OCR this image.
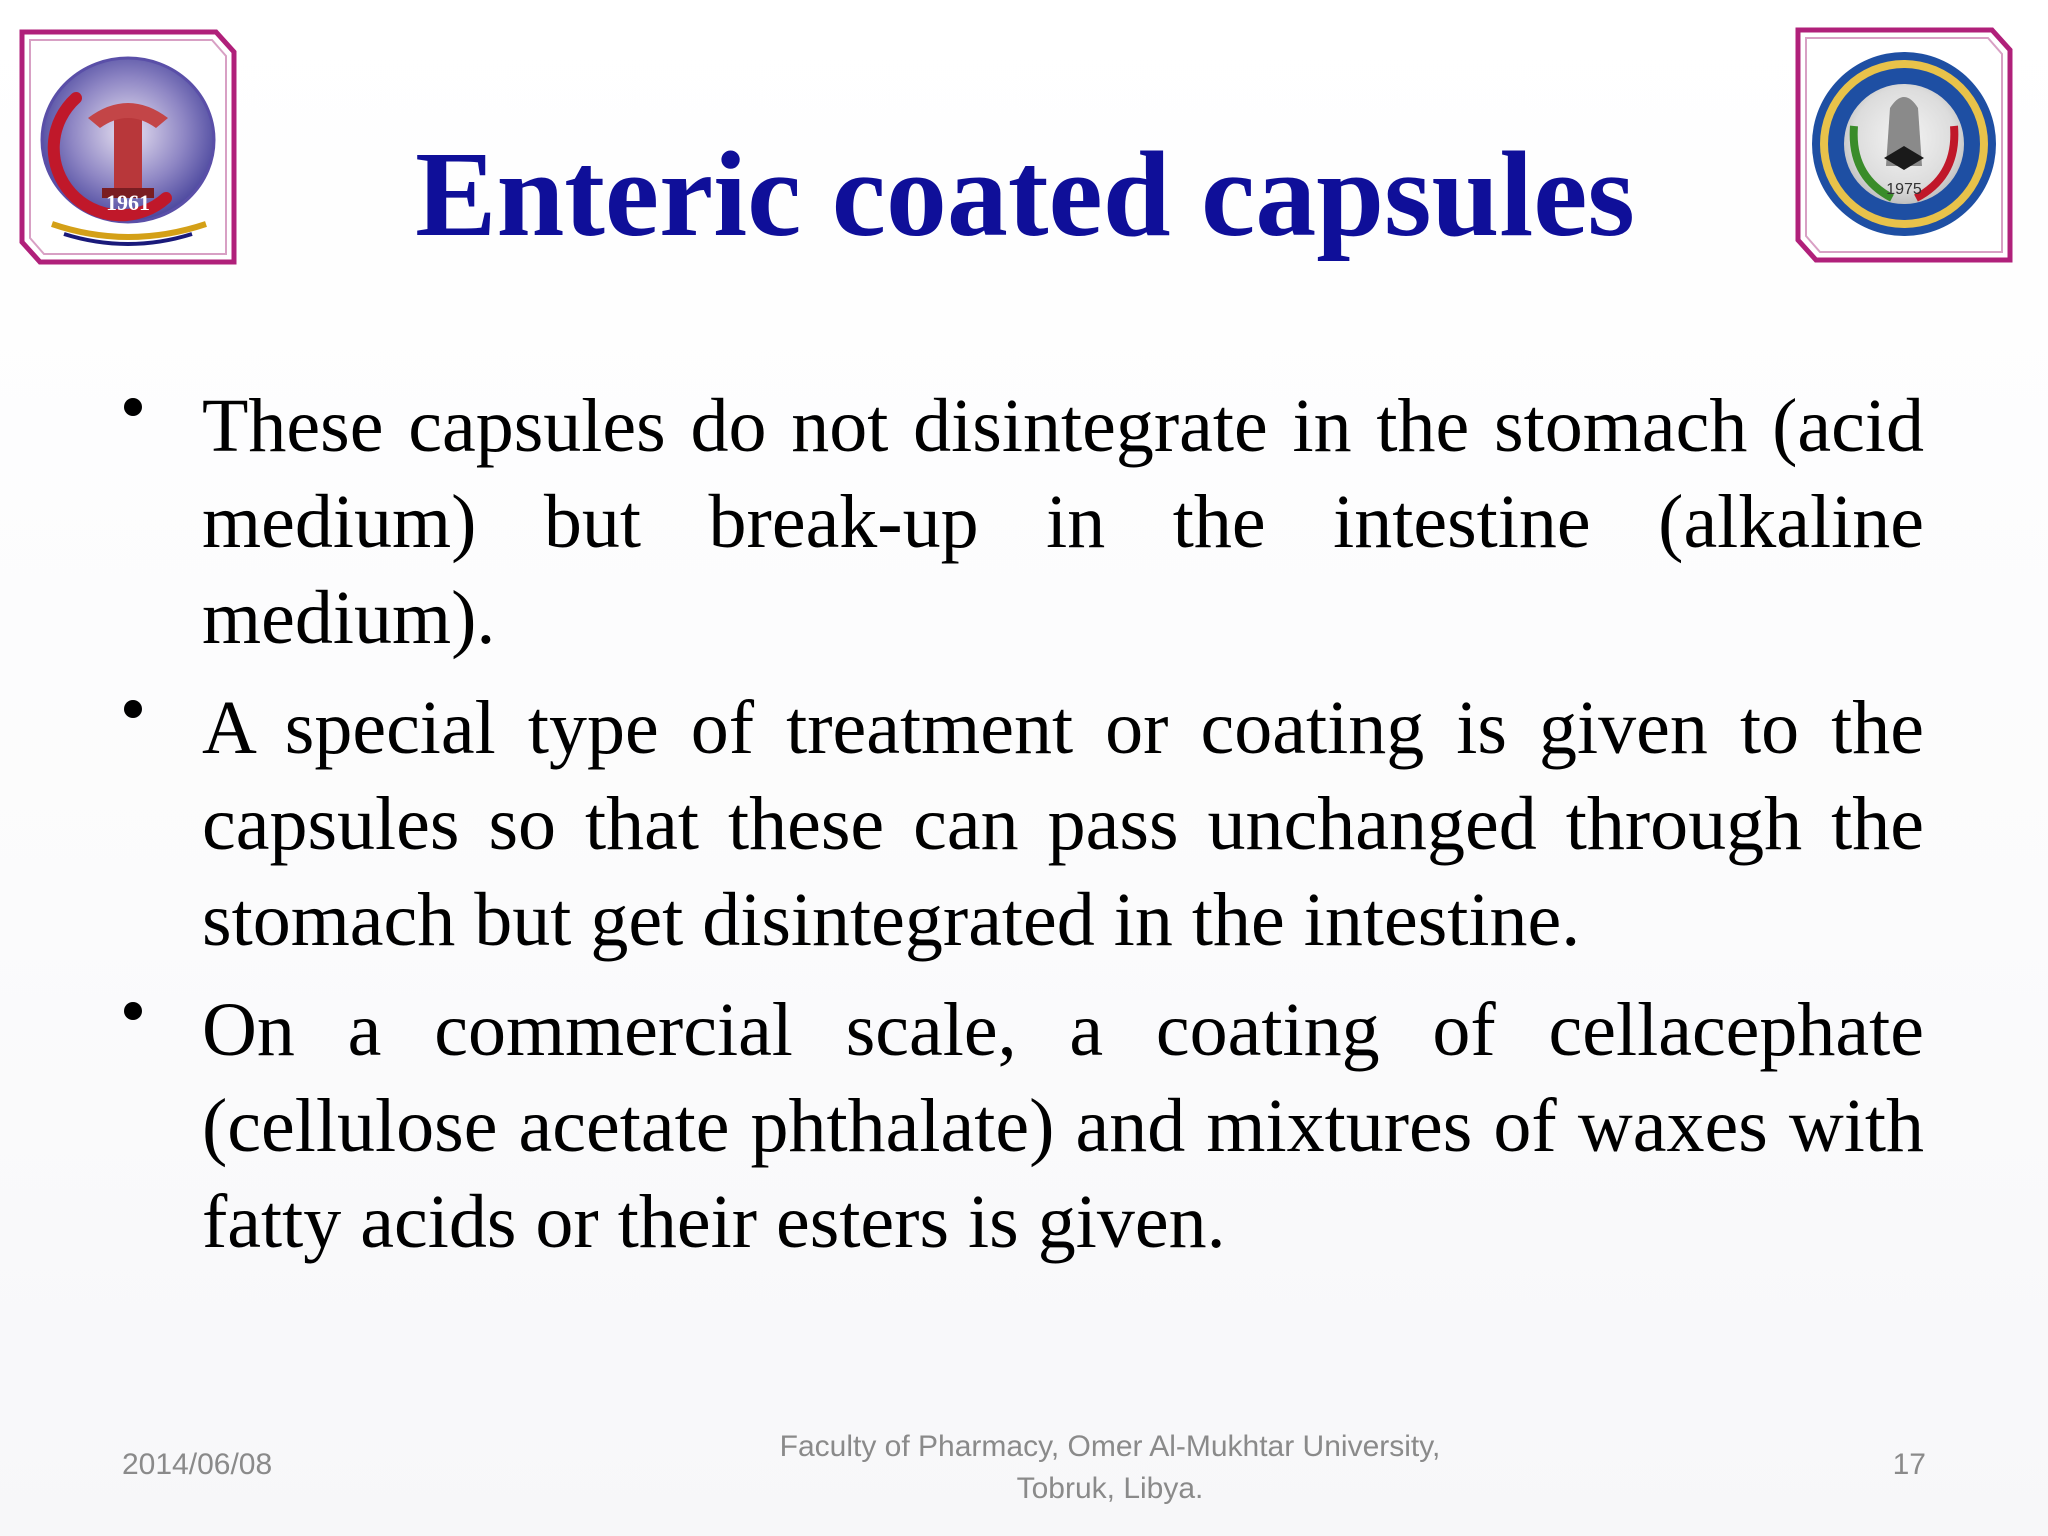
1961	Enteric coated capsules	1975
These capsules do not disintegrate in the stomach (acid medium) but break-up in the intestine (alkaline medium).
A special type of treatment or coating is given to the capsules so that these can pass unchanged through the stomach but get disintegrated in the intestine.
On a commercial scale, a coating of cellacephate (cellulose acetate phthalate) and mixtures of waxes with fatty acids or their esters is given.
2014/06/08
Faculty of Pharmacy, Omer Al-Mukhtar University,
Tobruk, Libya.
17
